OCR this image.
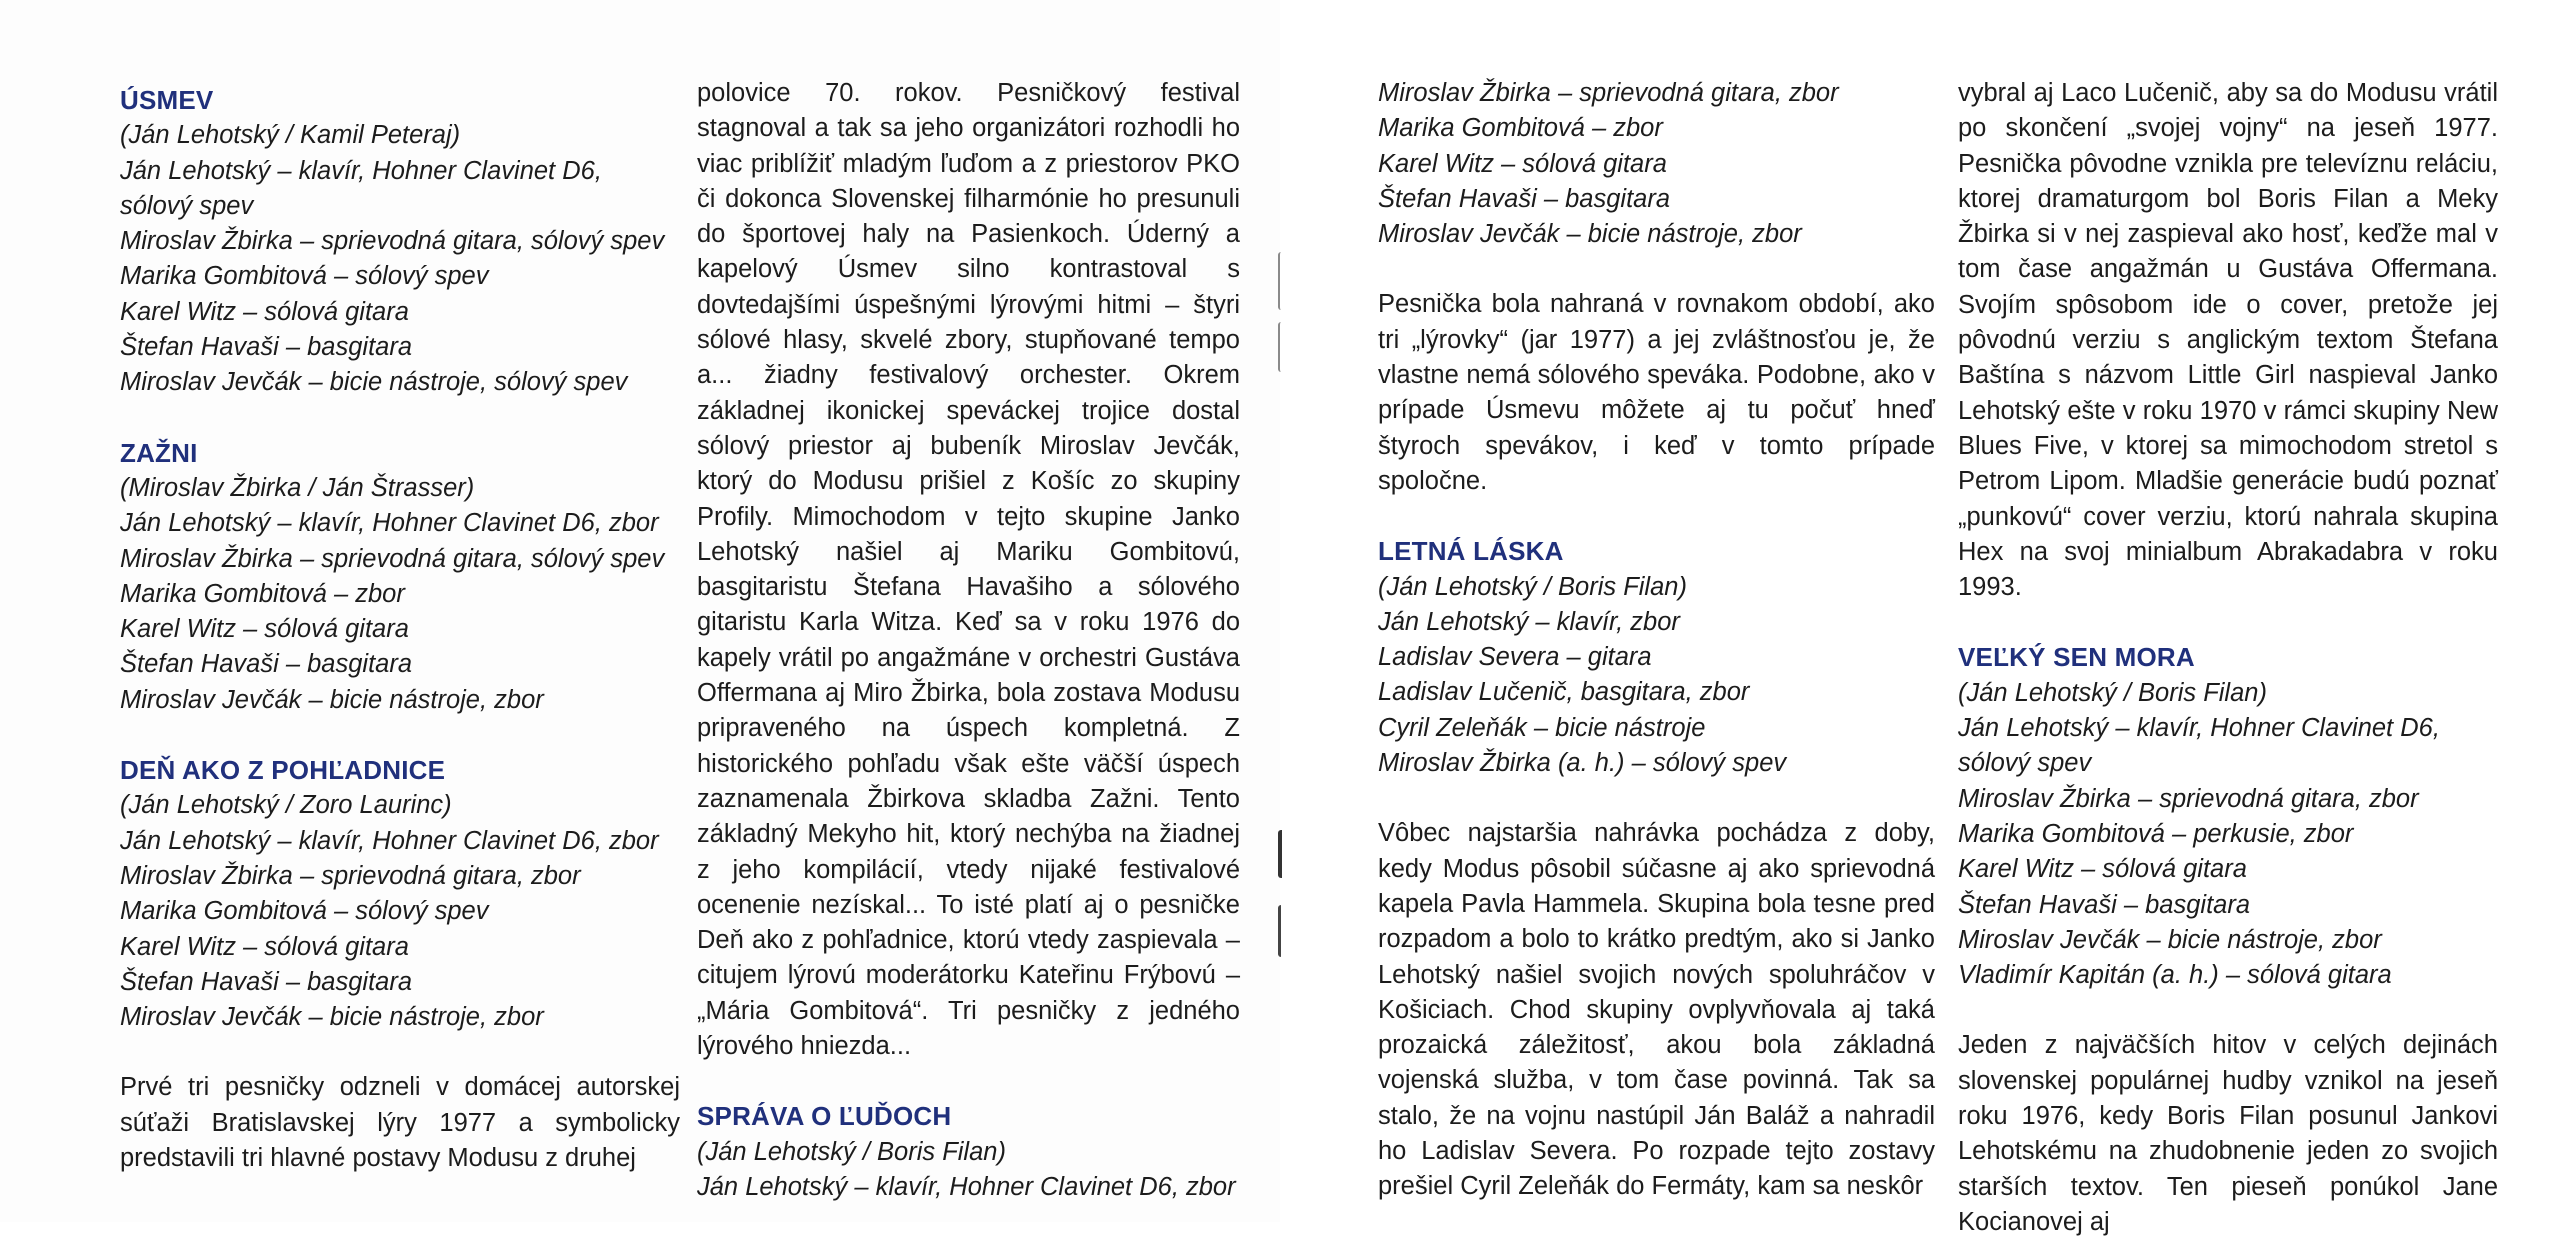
ÚSMEV
(Ján Lehotský / Kamil Peteraj)
Ján Lehotský – klavír, Hohner Clavinet D6,
sólový spev
Miroslav Žbirka – sprievodná gitara, sólový spev
Marika Gombitová – sólový spev
Karel Witz – sólová gitara
Štefan Havaši – basgitara
Miroslav Jevčák – bicie nástroje, sólový spev
ZAŽNI
(Miroslav Žbirka / Ján Štrasser)
Ján Lehotský – klavír, Hohner Clavinet D6, zbor
Miroslav Žbirka – sprievodná gitara, sólový spev
Marika Gombitová – zbor
Karel Witz – sólová gitara
Štefan Havaši – basgitara
Miroslav Jevčák – bicie nástroje, zbor
DEŇ AKO Z POHĽADNICE
(Ján Lehotský / Zoro Laurinc)
Ján Lehotský – klavír, Hohner Clavinet D6, zbor
Miroslav Žbirka – sprievodná gitara, zbor
Marika Gombitová – sólový spev
Karel Witz – sólová gitara
Štefan Havaši – basgitara
Miroslav Jevčák – bicie nástroje, zbor
Prvé tri pesničky odzneli v domácej autorskej súťaži Bratislavskej lýry 1977 a symbolicky predstavili tri hlavné postavy Modusu z druhej
polovice 70. rokov. Pesničkový festival stagnoval a tak sa jeho organizátori rozhodli ho viac priblížiť mladým ľuďom a z priestorov PKO či dokonca Slovenskej filharmónie ho presunuli do športovej haly na Pasienkoch. Úderný a kapelový Úsmev silno kontrastoval s dovtedajšími úspešnými lýrovými hitmi – štyri sólové hlasy, skvelé zbory, stupňované tempo a... žiadny festivalový orchester. Okrem základnej ikonickej speváckej trojice dostal sólový priestor aj bubeník Miroslav Jevčák, ktorý do Modusu prišiel z Košíc zo skupiny Profily. Mimochodom v tejto skupine Janko Lehotský našiel aj Mariku Gombitovú, basgitaristu Štefana Havašiho a sólového gitaristu Karla Witza. Keď sa v roku 1976 do kapely vrátil po angažmáne v orchestri Gustáva Offermana aj Miro Žbirka, bola zostava Modusu pripraveného na úspech kompletná. Z historického pohľadu však ešte väčší úspech zaznamenala Žbirkova skladba Zažni. Tento základný Mekyho hit, ktorý nechýba na žiadnej z jeho kompilácií, vtedy nijaké festivalové ocenenie nezískal... To isté platí aj o pesničke Deň ako z pohľadnice, ktorú vtedy zaspievala – citujem lýrovú moderátorku Kateřinu Frýbovú – „Mária Gombitová“. Tri pesničky z jedného lýrového hniezda...
SPRÁVA O ĽUĎOCH
(Ján Lehotský / Boris Filan)
Ján Lehotský – klavír, Hohner Clavinet D6, zbor
Miroslav Žbirka – sprievodná gitara, zbor
Marika Gombitová – zbor
Karel Witz – sólová gitara
Štefan Havaši – basgitara
Miroslav Jevčák – bicie nástroje, zbor
Pesnička bola nahraná v rovnakom období, ako tri „lýrovky“ (jar 1977) a jej zvláštnosťou je, že vlastne nemá sólového speváka. Podobne, ako v prípade Úsmevu môžete aj tu počuť hneď štyroch spevákov, i keď v tomto prípade spoločne.
LETNÁ LÁSKA
(Ján Lehotský / Boris Filan)
Ján Lehotský – klavír, zbor
Ladislav Severa – gitara
Ladislav Lučenič, basgitara, zbor
Cyril Zeleňák – bicie nástroje
Miroslav Žbirka (a. h.) – sólový spev
Vôbec najstaršia nahrávka pochádza z doby, kedy Modus pôsobil súčasne aj ako sprievodná kapela Pavla Hammela. Skupina bola tesne pred rozpadom a bolo to krátko predtým, ako si Janko Lehotský našiel svojich nových spoluhráčov v Košiciach. Chod skupiny ovplyvňovala aj taká prozaická záležitosť, akou bola základná vojenská služba, v tom čase povinná. Tak sa stalo, že na vojnu nastúpil Ján Baláž a nahradil ho Ladislav Severa. Po rozpade tejto zostavy prešiel Cyril Zeleňák do Fermáty, kam sa neskôr
vybral aj Laco Lučenič, aby sa do Modusu vrátil po skončení „svojej vojny“ na jeseň 1977. Pesnička pôvodne vznikla pre televíznu reláciu, ktorej dramaturgom bol Boris Filan a Meky Žbirka si v nej zaspieval ako hosť, keďže mal v tom čase angažmán u Gustáva Offermana. Svojím spôsobom ide o cover, pretože jej pôvodnú verziu s anglickým textom Štefana Baštína s názvom Little Girl naspieval Janko Lehotský ešte v roku 1970 v rámci skupiny New Blues Five, v ktorej sa mimochodom stretol s Petrom Lipom. Mladšie generácie budú poznať „punkovú“ cover verziu, ktorú nahrala skupina Hex na svoj minialbum Abrakadabra v roku 1993.
VEĽKÝ SEN MORA
(Ján Lehotský / Boris Filan)
Ján Lehotský – klavír, Hohner Clavinet D6,
sólový spev
Miroslav Žbirka – sprievodná gitara, zbor
Marika Gombitová – perkusie, zbor
Karel Witz – sólová gitara
Štefan Havaši – basgitara
Miroslav Jevčák – bicie nástroje, zbor
Vladimír Kapitán (a. h.) – sólová gitara
Jeden z najväčších hitov v celých dejinách slovenskej populárnej hudby vznikol na jeseň roku 1976, kedy Boris Filan posunul Jankovi Lehotskému na zhudobnenie jeden zo svojich starších textov. Ten pieseň ponúkol Jane Kocianovej aj
